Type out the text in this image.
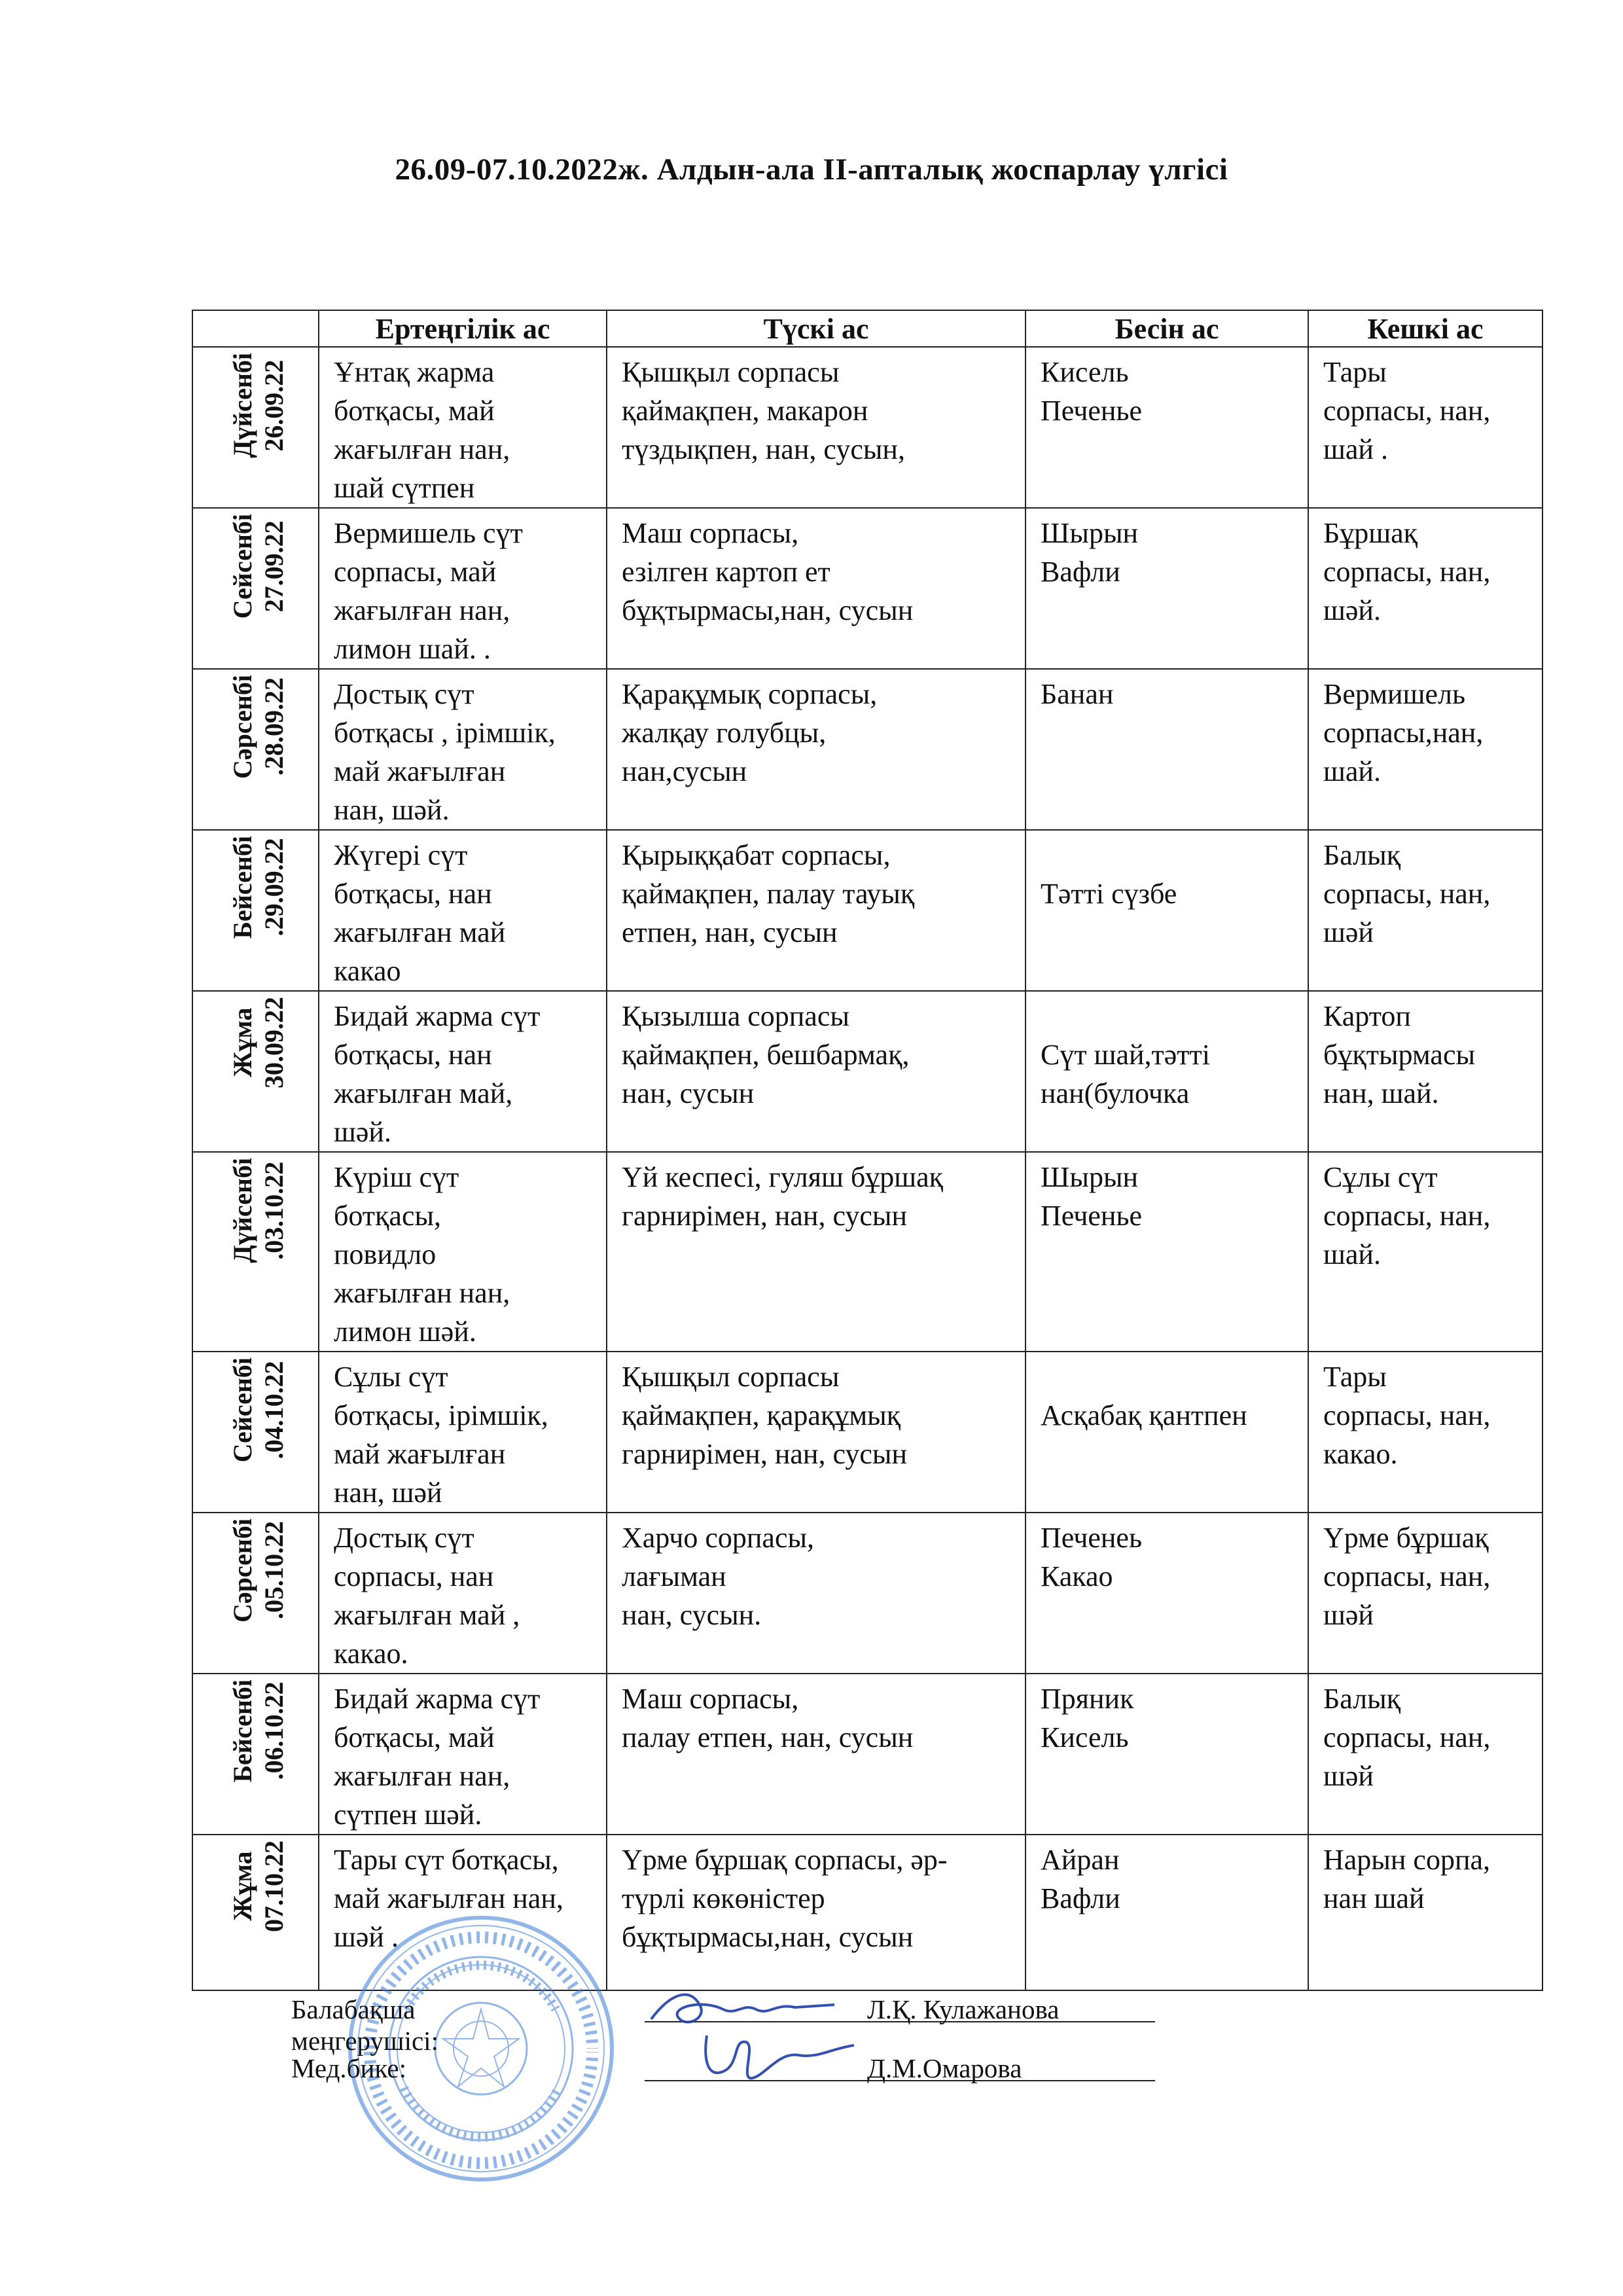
26.09-07.10.2022ж. Алдын-ала ІІ-апталық жоспарлау үлгісі
	Ертеңгілік ас	Түскі ас	Бесін ас	Кешкі ас
Дүйсенбі
26.09.22	Ұнтақ жарма
ботқасы, май
жағылған нан,
шай сүтпен	Қышқыл сорпасы
қаймақпен, макарон
түздықпен, нан, сусын,	Кисель
Печенье	Тары
сорпасы, нан,
шай .

Сейсенбі
27.09.22	Вермишель сүт
сорпасы, май
жағылған нан,
лимон шай. .	Маш сорпасы,
езілген картоп ет
бұқтырмасы,нан, сусын	Шырын
Вафли	Бұршақ
сорпасы, нан,
шәй.

Сәрсенбі
.28.09.22	Достық сүт
ботқасы , ірімшік,
май жағылған
нан, шәй.	Қарақұмық сорпасы,
жалқау голубцы,
нан,сусын	Банан	Вермишель
сорпасы,нан,
шай.

Бейсенбі
.29.09.22	Жүгері сүт
ботқасы, нан
жағылған май
какао	Қырыққабат сорпасы,
қаймақпен, палау тауық
етпен, нан, сусын	
Тәтті сүзбе	Балық
сорпасы, нан,
шәй

Жұма
30.09.22	Бидай жарма сүт
ботқасы, нан
жағылған май,
шәй.	Қызылша сорпасы
қаймақпен, бешбармақ,
нан, сусын	
Сүт шай,тәтті
нан(булочка	Картоп
бұқтырмасы
нан, шай.

Дүйсенбі
.03.10.22	Күріш сүт
ботқасы,
повидло
жағылған нан,
лимон шәй.	Үй кеспесі, гуляш бұршақ
гарнирімен, нан, сусын	Шырын
Печенье	Сұлы сүт
сорпасы, нан,
шай.

Сейсенбі
.04.10.22	Сұлы сүт
ботқасы, ірімшік,
май жағылған
нан, шәй	Қышқыл сорпасы
қаймақпен, қарақұмық
гарнирімен, нан, сусын	
Асқабақ қантпен	Тары
сорпасы, нан,
какао.

Сәрсенбі
.05.10.22	Достық сүт
сорпасы, нан
жағылған май ,
какао.	Харчо сорпасы,
лағыман
нан, сусын.	Печенеь
Какао	Үрме бұршақ
сорпасы, нан,
шәй

Бейсенбі
.06.10.22	Бидай жарма сүт
ботқасы, май
жағылған нан,
сүтпен шәй.	Маш сорпасы,
палау етпен, нан, сусын	Пряник
Кисель	Балық
сорпасы, нан,
шәй

Жұма
07.10.22	Тары сүт ботқасы,
май жағылған нан,
шәй .	Үрме бұршақ сорпасы, әр-
түрлі көкөністер
бұқтырмасы,нан, сусын	Айран
Вафли	Нарын сорпа,
нан шай
Балабақша меңгерушісі:
Л.Қ. Кулажанова
Мед.бике:	Д.М.Омарова
